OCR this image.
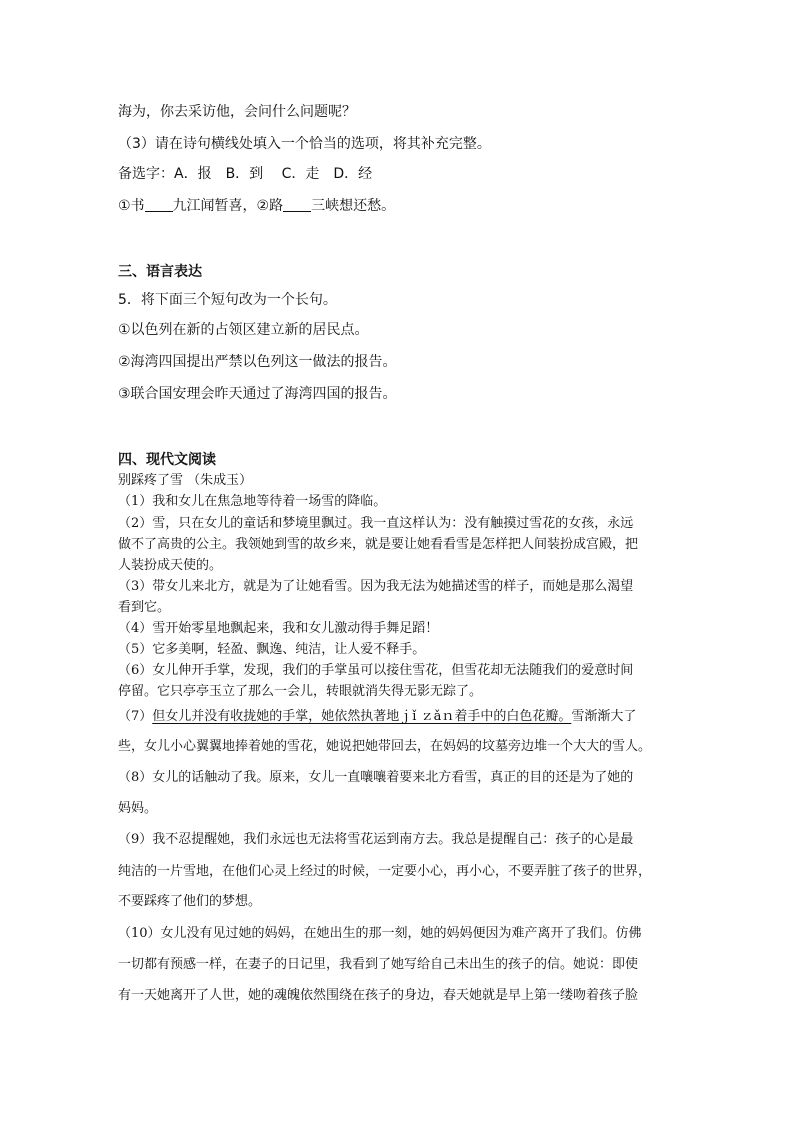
海为，你去采访他，会问什么问题呢？
（3）请在诗句横线处填入一个恰当的选项，将其补充完整。
备选字：A．报　B．到　 C．走　D．经
①书 九江闻暂喜，②路 三峡想还愁。
三、语言表达
5．将下面三个短句改为一个长句。
①以色列在新的占领区建立新的居民点。
②海湾四国提出严禁以色列这一做法的报告。
③联合国安理会昨天通过了海湾四国的报告。
四、现代文阅读
别踩疼了雪 （朱成玉）
（1）我和女儿在焦急地等待着一场雪的降临。
（2）雪，只在女儿的童话和梦境里飘过。我一直这样认为：没有触摸过雪花的女孩，永远
做不了高贵的公主。我领她到雪的故乡来，就是要让她看看雪是怎样把人间装扮成宫殿，把
人装扮成天使的。
（3）带女儿来北方，就是为了让她看雪。因为我无法为她描述雪的样子，而她是那么渴望
看到它。
（4）雪开始零星地飘起来，我和女儿激动得手舞足蹈！
（5）它多美啊，轻盈、飘逸、纯洁，让人爱不释手。
（6）女儿伸开手掌，发现，我们的手掌虽可以接住雪花，但雪花却无法随我们的爱意时间
停留。它只亭亭玉立了那么一会儿，转眼就消失得无影无踪了。
（7）但女儿并没有收拢她的手掌，她依然执著地ｊǐ ｚǎｎ着手中的白色花瓣。雪渐渐大了
些，女儿小心翼翼地捧着她的雪花，她说把她带回去，在妈妈的坟墓旁边堆一个大大的雪人。
（8）女儿的话触动了我。原来，女儿一直嚷嚷着要来北方看雪，真正的目的还是为了她的
妈妈。
（9）我不忍提醒她，我们永远也无法将雪花运到南方去。我总是提醒自己：孩子的心是最
纯洁的一片雪地，在他们心灵上经过的时候，一定要小心，再小心，不要弄脏了孩子的世界，
不要踩疼了他们的梦想。
（10）女儿没有见过她的妈妈，在她出生的那一刻，她的妈妈便因为难产离开了我们。仿佛
一切都有预感一样，在妻子的日记里，我看到了她写给自己未出生的孩子的信。她说：即使
有一天她离开了人世，她的魂魄依然围绕在孩子的身边，春天她就是早上第一缕吻着孩子脸
